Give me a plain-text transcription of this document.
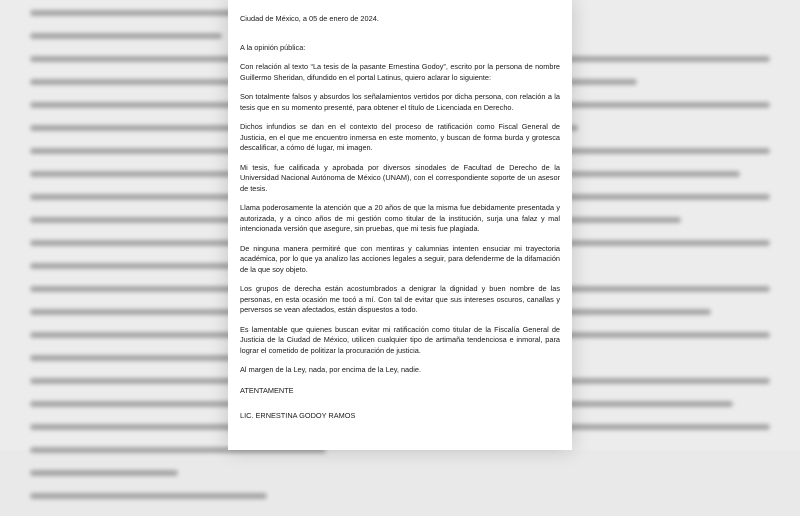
Ciudad de México, a 05 de enero de 2024.

A la opinión pública:

Con relación al texto “La tesis de la pasante Ernestina Godoy”, escrito por la persona de nombre Guillermo Sheridan, difundido en el portal Latinus, quiero aclarar lo siguiente:

Son totalmente falsos y absurdos los señalamientos vertidos por dicha persona, con relación a la tesis que en su momento presenté, para obtener el título de Licenciada en Derecho.

Dichos infundios se dan en el contexto del proceso de ratificación como Fiscal General de Justicia, en el que me encuentro inmersa en este momento, y buscan de forma burda y grotesca descalificar, a cómo dé lugar, mi imagen.

Mi tesis, fue calificada y aprobada por diversos sinodales de Facultad de Derecho de la Universidad Nacional Autónoma de México (UNAM), con el correspondiente soporte de un asesor de tesis.

Llama poderosamente la atención que a 20 años de que la misma fue debidamente presentada y autorizada, y a cinco años de mi gestión como titular de la institución, surja una falaz y mal intencionada versión que asegure, sin pruebas, que mi tesis fue plagiada.

De ninguna manera permitiré que con mentiras y calumnias intenten ensuciar mi trayectoria académica, por lo que ya analizo las acciones legales a seguir, para defenderme de la difamación de la que soy objeto.

Los grupos de derecha están acostumbrados a denigrar la dignidad y buen nombre de las personas, en esta ocasión me tocó a mí. Con tal de evitar que sus intereses oscuros, canallas y perversos se vean afectados, están dispuestos a todo.

Es lamentable que quienes buscan evitar mi ratificación como titular de la Fiscalía General de Justicia de la Ciudad de México, utilicen cualquier tipo de artimaña tendenciosa e inmoral, para lograr el cometido de politizar la procuración de justicia.

Al margen de la Ley, nada, por encima de la Ley, nadie.

ATENTAMENTE

LIC. ERNESTINA GODOY RAMOS
